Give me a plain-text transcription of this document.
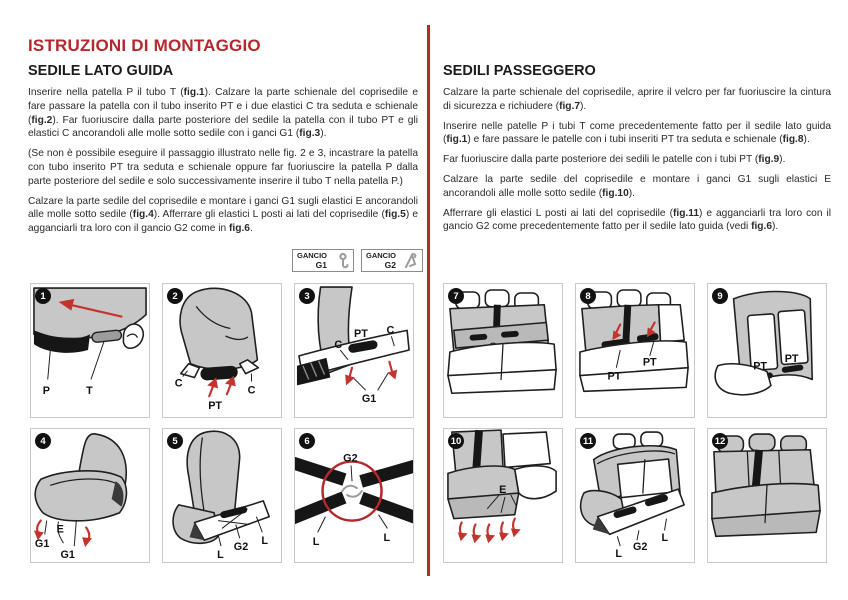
ISTRUZIONI DI MONTAGGIO
SEDILE LATO GUIDA

Inserire nella patella P il tubo T (fig.1). Calzare la parte schienale del coprisedile e fare passare la patella con il tubo inserito PT e i due elastici C tra seduta e schienale (fig.2). Far fuoriuscire dalla parte posteriore del sedile la patella con il tubo PT e gli elastici C ancorandoli alle molle sotto sedile con i ganci G1 (fig.3).

(Se non è possibile eseguire il passaggio illustrato nelle fig. 2 e 3, incastrare la patella con tubo inserito PT tra seduta e schienale oppure far fuoriuscire la patella P dalla parte posteriore del sedile e solo successivamente inserire il tubo T nella patella P.)

Calzare la parte sedile del coprisedile e montare i ganci G1 sugli elastici E ancorandoli alle molle sotto sedile (fig.4). Afferrare gli elastici L posti ai lati del coprisedile (fig.5) e agganciarli tra loro con il gancio G2 come in fig.6.

SEDILI PASSEGGERO

Calzare la parte schienale del coprisedile, aprire il velcro per far fuoriuscire la cintura di sicurezza e richiudere (fig.7).

Inserire nelle patelle P i tubi T come precedentemente fatto per il sedile lato guida (fig.1) e fare passare le patelle con i tubi inseriti PT tra seduta e schienale (fig.8).

Far fuoriuscire dalla parte posteriore dei sedili le patelle con i tubi PT (fig.9).

Calzare la parte sedile del coprisedile e montare i ganci G1 sugli elastici E ancorandoli alle molle sotto sedile (fig.10).

Afferrare gli elastici L posti ai lati del coprisedile (fig.11) e agganciarli tra loro con il gancio G2 come precedentemente fatto per il sedile lato guida (vedi fig.6).

GANCIO
G1
GANCIO
G2
1
P	T
2
C
PT
C
3
C
PT C
G1
4
E
G1
G1
5
L
G2 L
6
G2
L	L
7	8
PT
PT
9
PT
PT
10
E
11
L
G2
L
12
